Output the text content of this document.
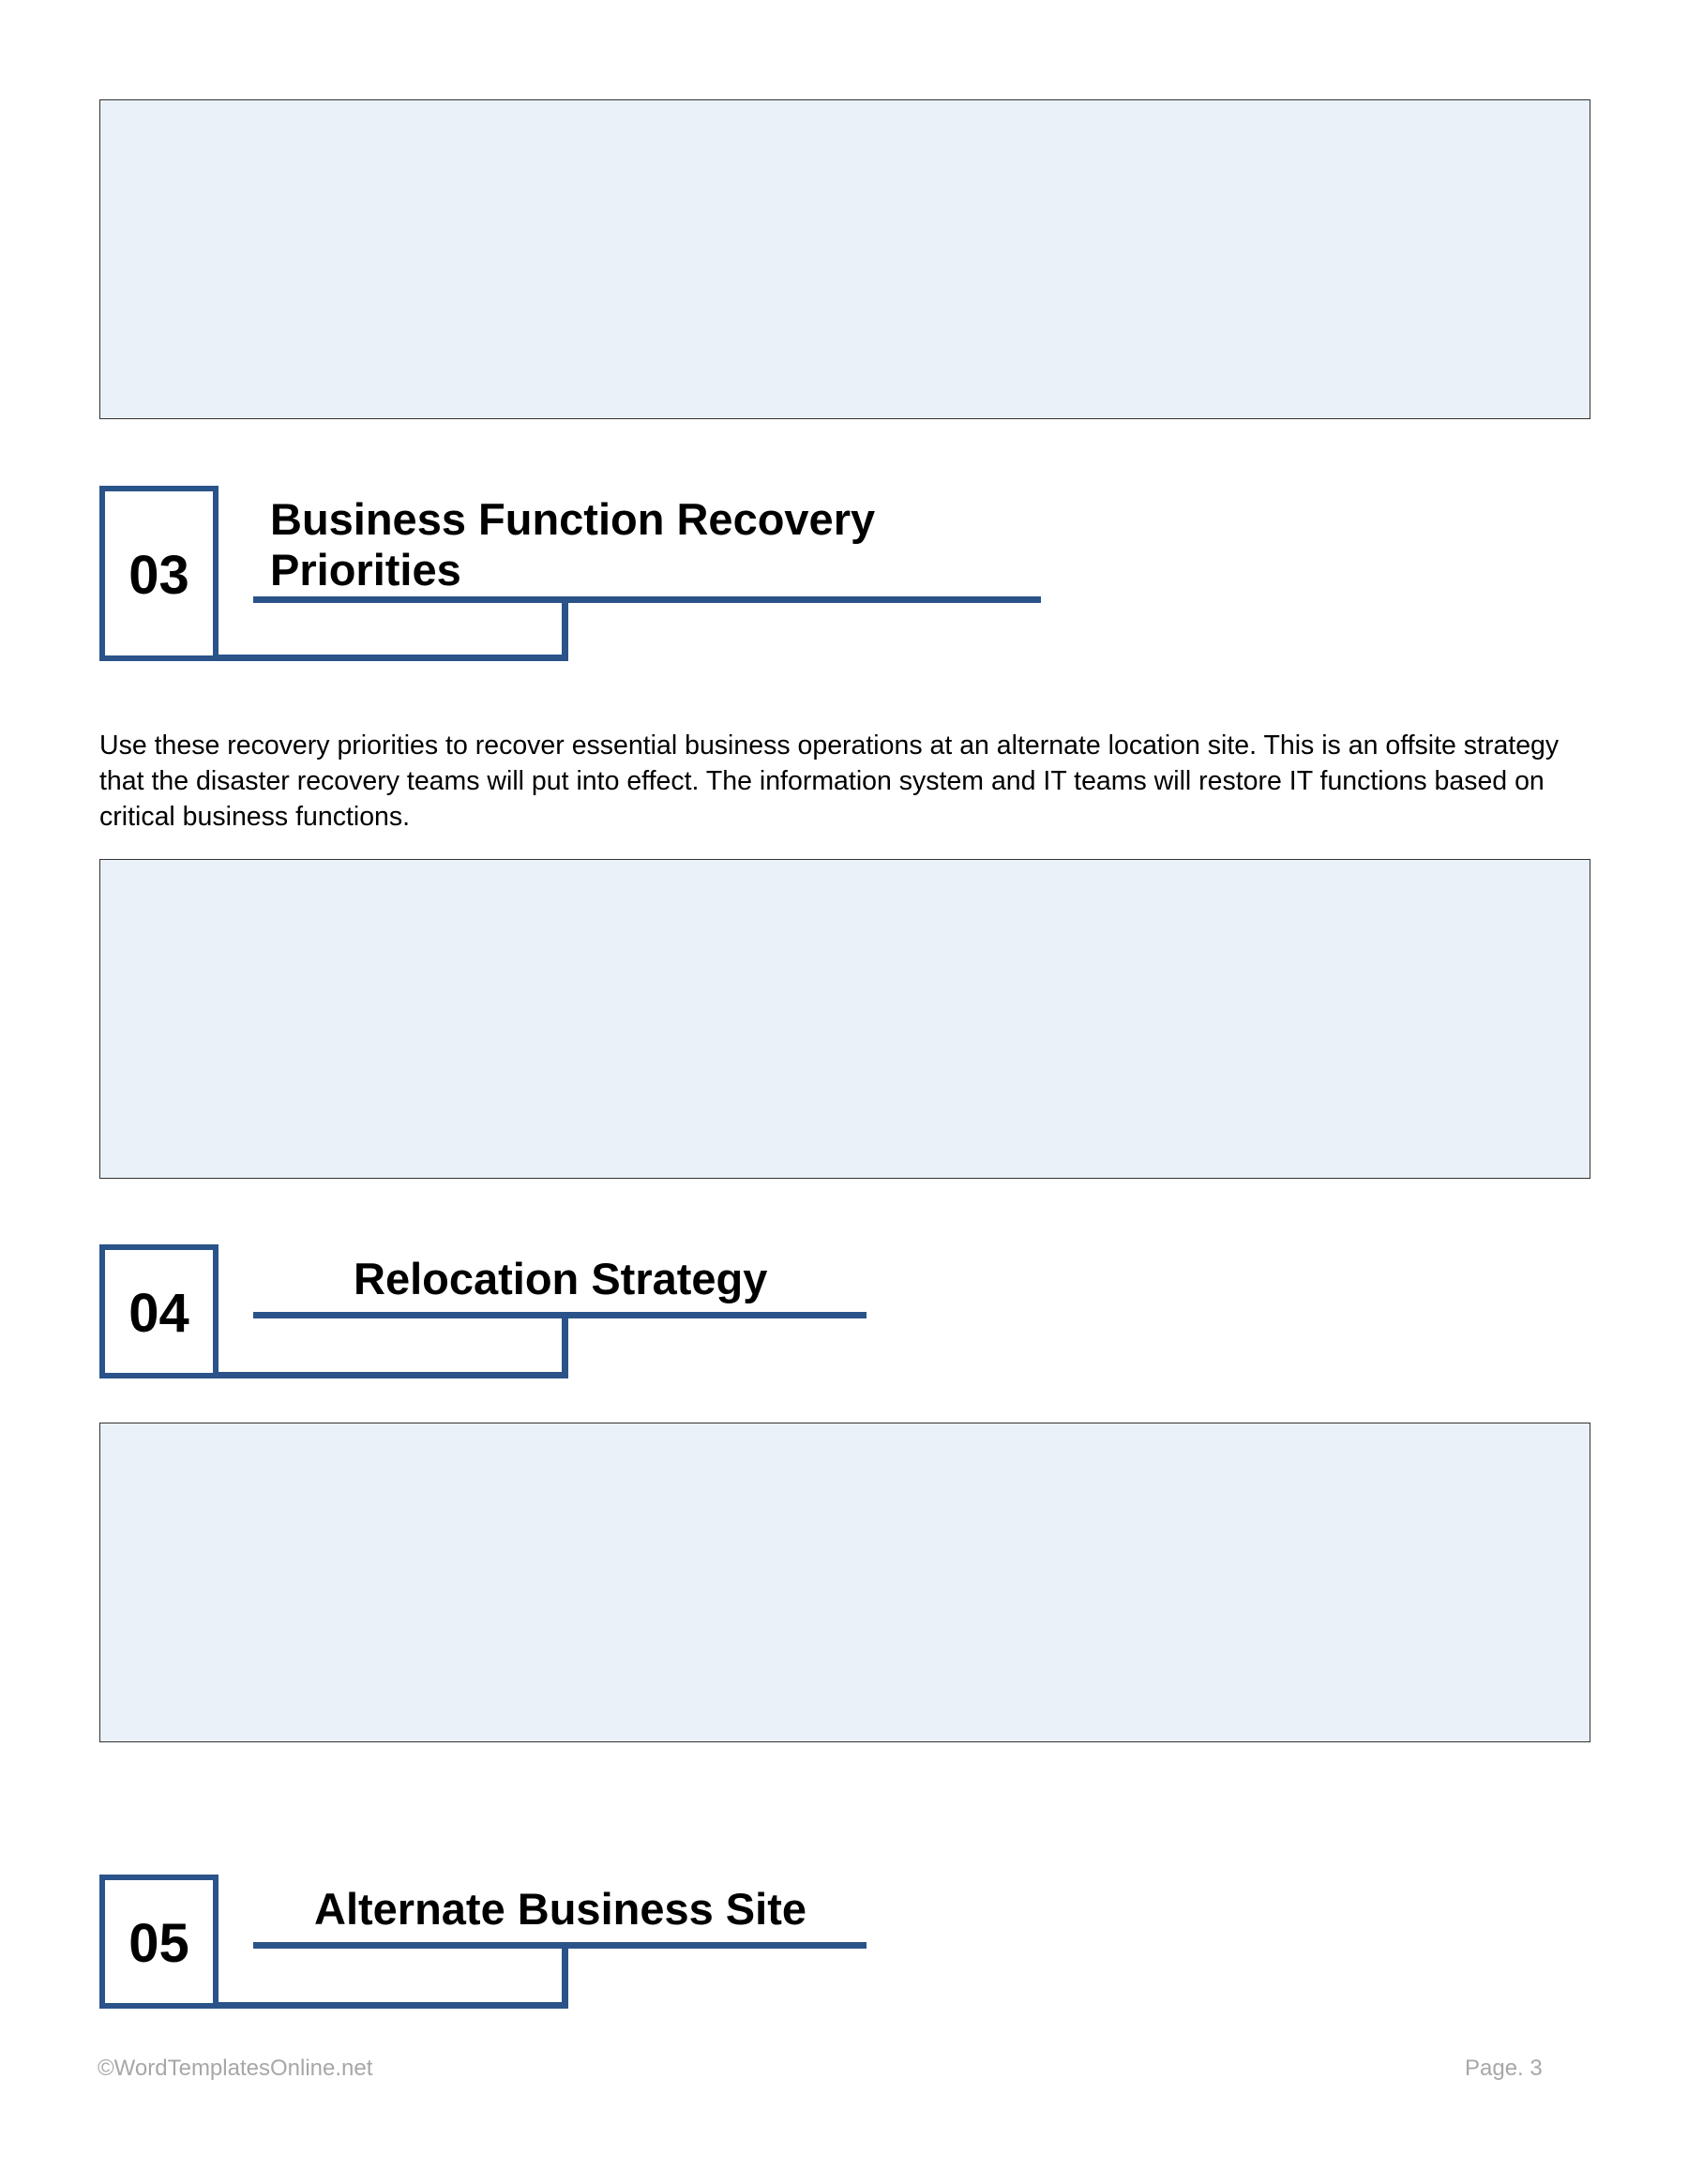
03
Business Function Recovery
Priorities
Use these recovery priorities to recover essential business operations at an alternate location site. This is an offsite strategy that the disaster recovery teams will put into effect. The information system and IT teams will restore IT functions based on critical business functions.
04
Relocation Strategy
05
Alternate Business Site
©WordTemplatesOnline.net	Page. 3
